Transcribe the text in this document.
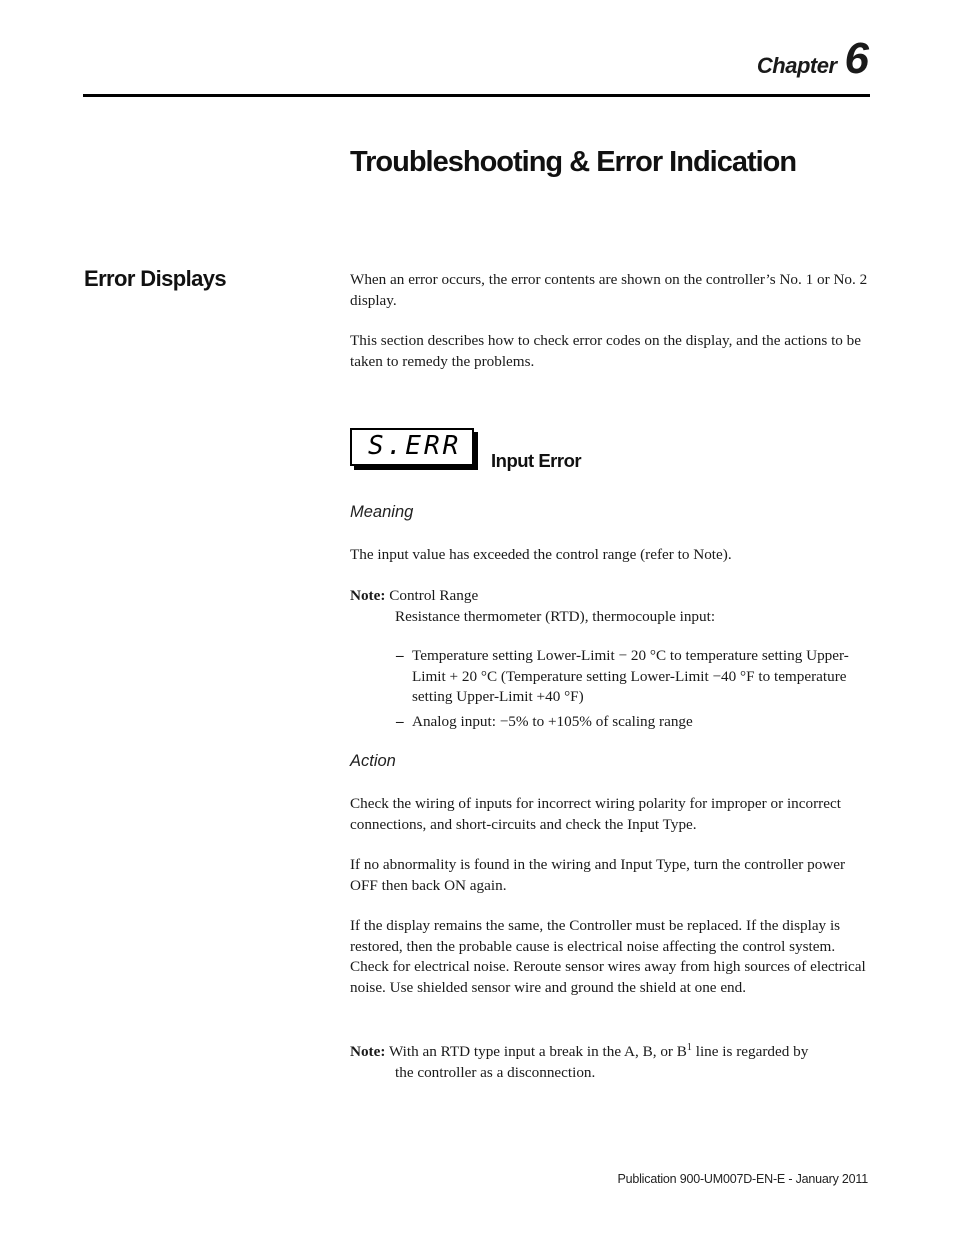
Chapter 6
Troubleshooting & Error Indication
Error Displays	When an error occurs, the error contents are shown on the controller’s No. 1 or No. 2 display.

This section describes how to check error codes on the display, and the actions to be taken to remedy the problems.

S.ERR Input Error
Meaning

The input value has exceeded the control range (refer to Note).

Note: Control Range
Resistance thermometer (RTD), thermocouple input:
– Temperature setting Lower-Limit − 20 °C to temperature setting Upper-Limit + 20 °C (Temperature setting Lower-Limit −40 °F to temperature setting Upper-Limit +40 °F)
– Analog input: −5% to +105% of scaling range
Action

Check the wiring of inputs for incorrect wiring polarity for improper or incorrect connections, and short-circuits and check the Input Type.

If no abnormality is found in the wiring and Input Type, turn the controller power OFF then back ON again.

If the display remains the same, the Controller must be replaced. If the display is restored, then the probable cause is electrical noise affecting the control system. Check for electrical noise. Reroute sensor wires away from high sources of electrical noise. Use shielded sensor wire and ground the shield at one end.

Note: With an RTD type input a break in the A, B, or $B^1$ line is regarded by
the controller as a disconnection.
Publication 900-UM007D-EN-E - January 2011
